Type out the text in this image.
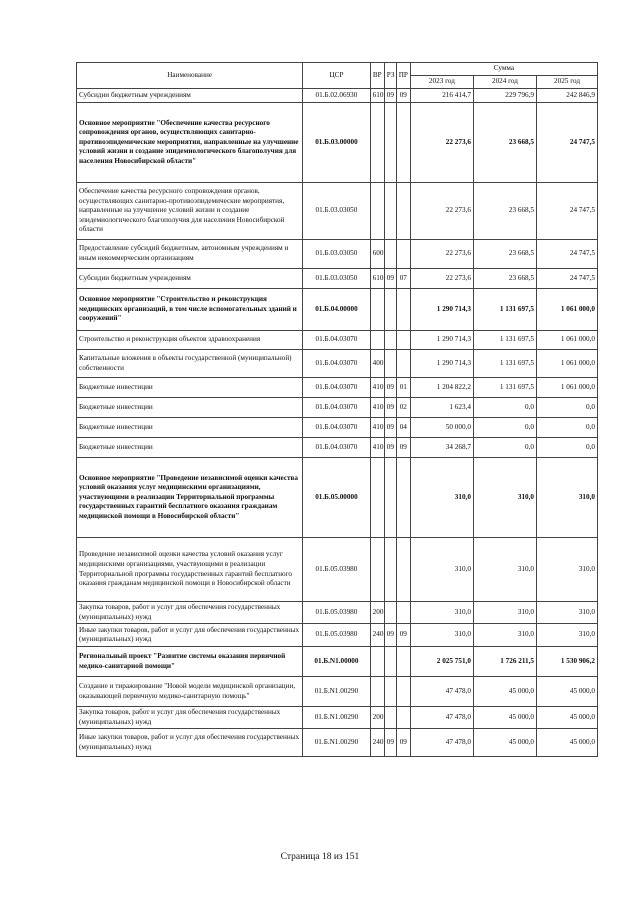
Наименование	ЦСР	ВР	РЗ	ПР	Сумма		
					2023 год	2024 год	2025 год
Субсидии бюджетным учреждениям	01.Б.02.06930	610	09	09	216 414,7	229 796,9	242 846,9
Основное мероприятие "Обеспечение качества ресурсного сопровождения органов, осуществляющих санитарно-противоэпидемические мероприятия, направленные на улучшение условий жизни и создание эпидемиологического благополучия для населения Новосибирской области"	01.Б.03.00000				22 273,6	23 668,5	24 747,5
Обеспечение качества ресурсного сопровождения органов, осуществляющих санитарно-противоэпидемические мероприятия, направленные на улучшение условий жизни и создание эпидемиологического благополучия для населения Новосибирской области	01.Б.03.03050				22 273,6	23 668,5	24 747,5
Предоставление субсидий бюджетным, автономным учреждениям и иным некоммерческим организациям	01.Б.03.03050	600			22 273,6	23 668,5	24 747,5
Субсидии бюджетным учреждениям	01.Б.03.03050	610	09	07	22 273,6	23 668,5	24 747,5
Основное мероприятие "Строительство и реконструкция медицинских организаций, в том числе вспомогательных зданий и сооружений"	01.Б.04.00000				1 290 714,3	1 131 697,5	1 061 000,0
Строительство и реконструкция объектов здравоохранения	01.Б.04.03070				1 290 714,3	1 131 697,5	1 061 000,0
Капитальные вложения в объекты государственной (муниципальной) собственности	01.Б.04.03070	400			1 290 714,3	1 131 697,5	1 061 000,0
Бюджетные инвестиции	01.Б.04.03070	410	09	01	1 204 822,2	1 131 697,5	1 061 000,0
Бюджетные инвестиции	01.Б.04.03070	410	09	02	1 623,4	0,0	0,0
Бюджетные инвестиции	01.Б.04.03070	410	09	04	50 000,0	0,0	0,0
Бюджетные инвестиции	01.Б.04.03070	410	09	09	34 268,7	0,0	0,0
Основное мероприятие "Проведение независимой оценки качества условий оказания услуг медицинскими организациями, участвующими в реализации Территориальной программы государственных гарантий бесплатного оказания гражданам медицинской помощи в Новосибирской области"	01.Б.05.00000				310,0	310,0	310,0
Проведение независимой оценки качества условий оказания услуг медицинскими организациями, участвующими в реализации Территориальной программы государственных гарантий бесплатного оказания гражданам медицинской помощи в Новосибирской области	01.Б.05.03980				310,0	310,0	310,0
Закупка товаров, работ и услуг для обеспечения государственных (муниципальных) нужд	01.Б.05.03980	200			310,0	310,0	310,0
Иные закупки товаров, работ и услуг для обеспечения государственных (муниципальных) нужд	01.Б.05.03980	240	09	09	310,0	310,0	310,0
Региональный проект "Развитие системы оказания первичной медико-санитарной помощи"	01.Б.N1.00000				2 025 751,0	1 726 211,5	1 530 906,2
Создание и тиражирование "Новой модели медицинской организации, оказывающей первичную медико-санитарную помощь"	01.Б.N1.00290				47 478,0	45 000,0	45 000,0
Закупка товаров, работ и услуг для обеспечения государственных (муниципальных) нужд	01.Б.N1.00290	200			47 478,0	45 000,0	45 000,0
Иные закупки товаров, работ и услуг для обеспечения государственных (муниципальных) нужд	01.Б.N1.00290	240	09	09	47 478,0	45 000,0	45 000,0
Страница 18 из 151
